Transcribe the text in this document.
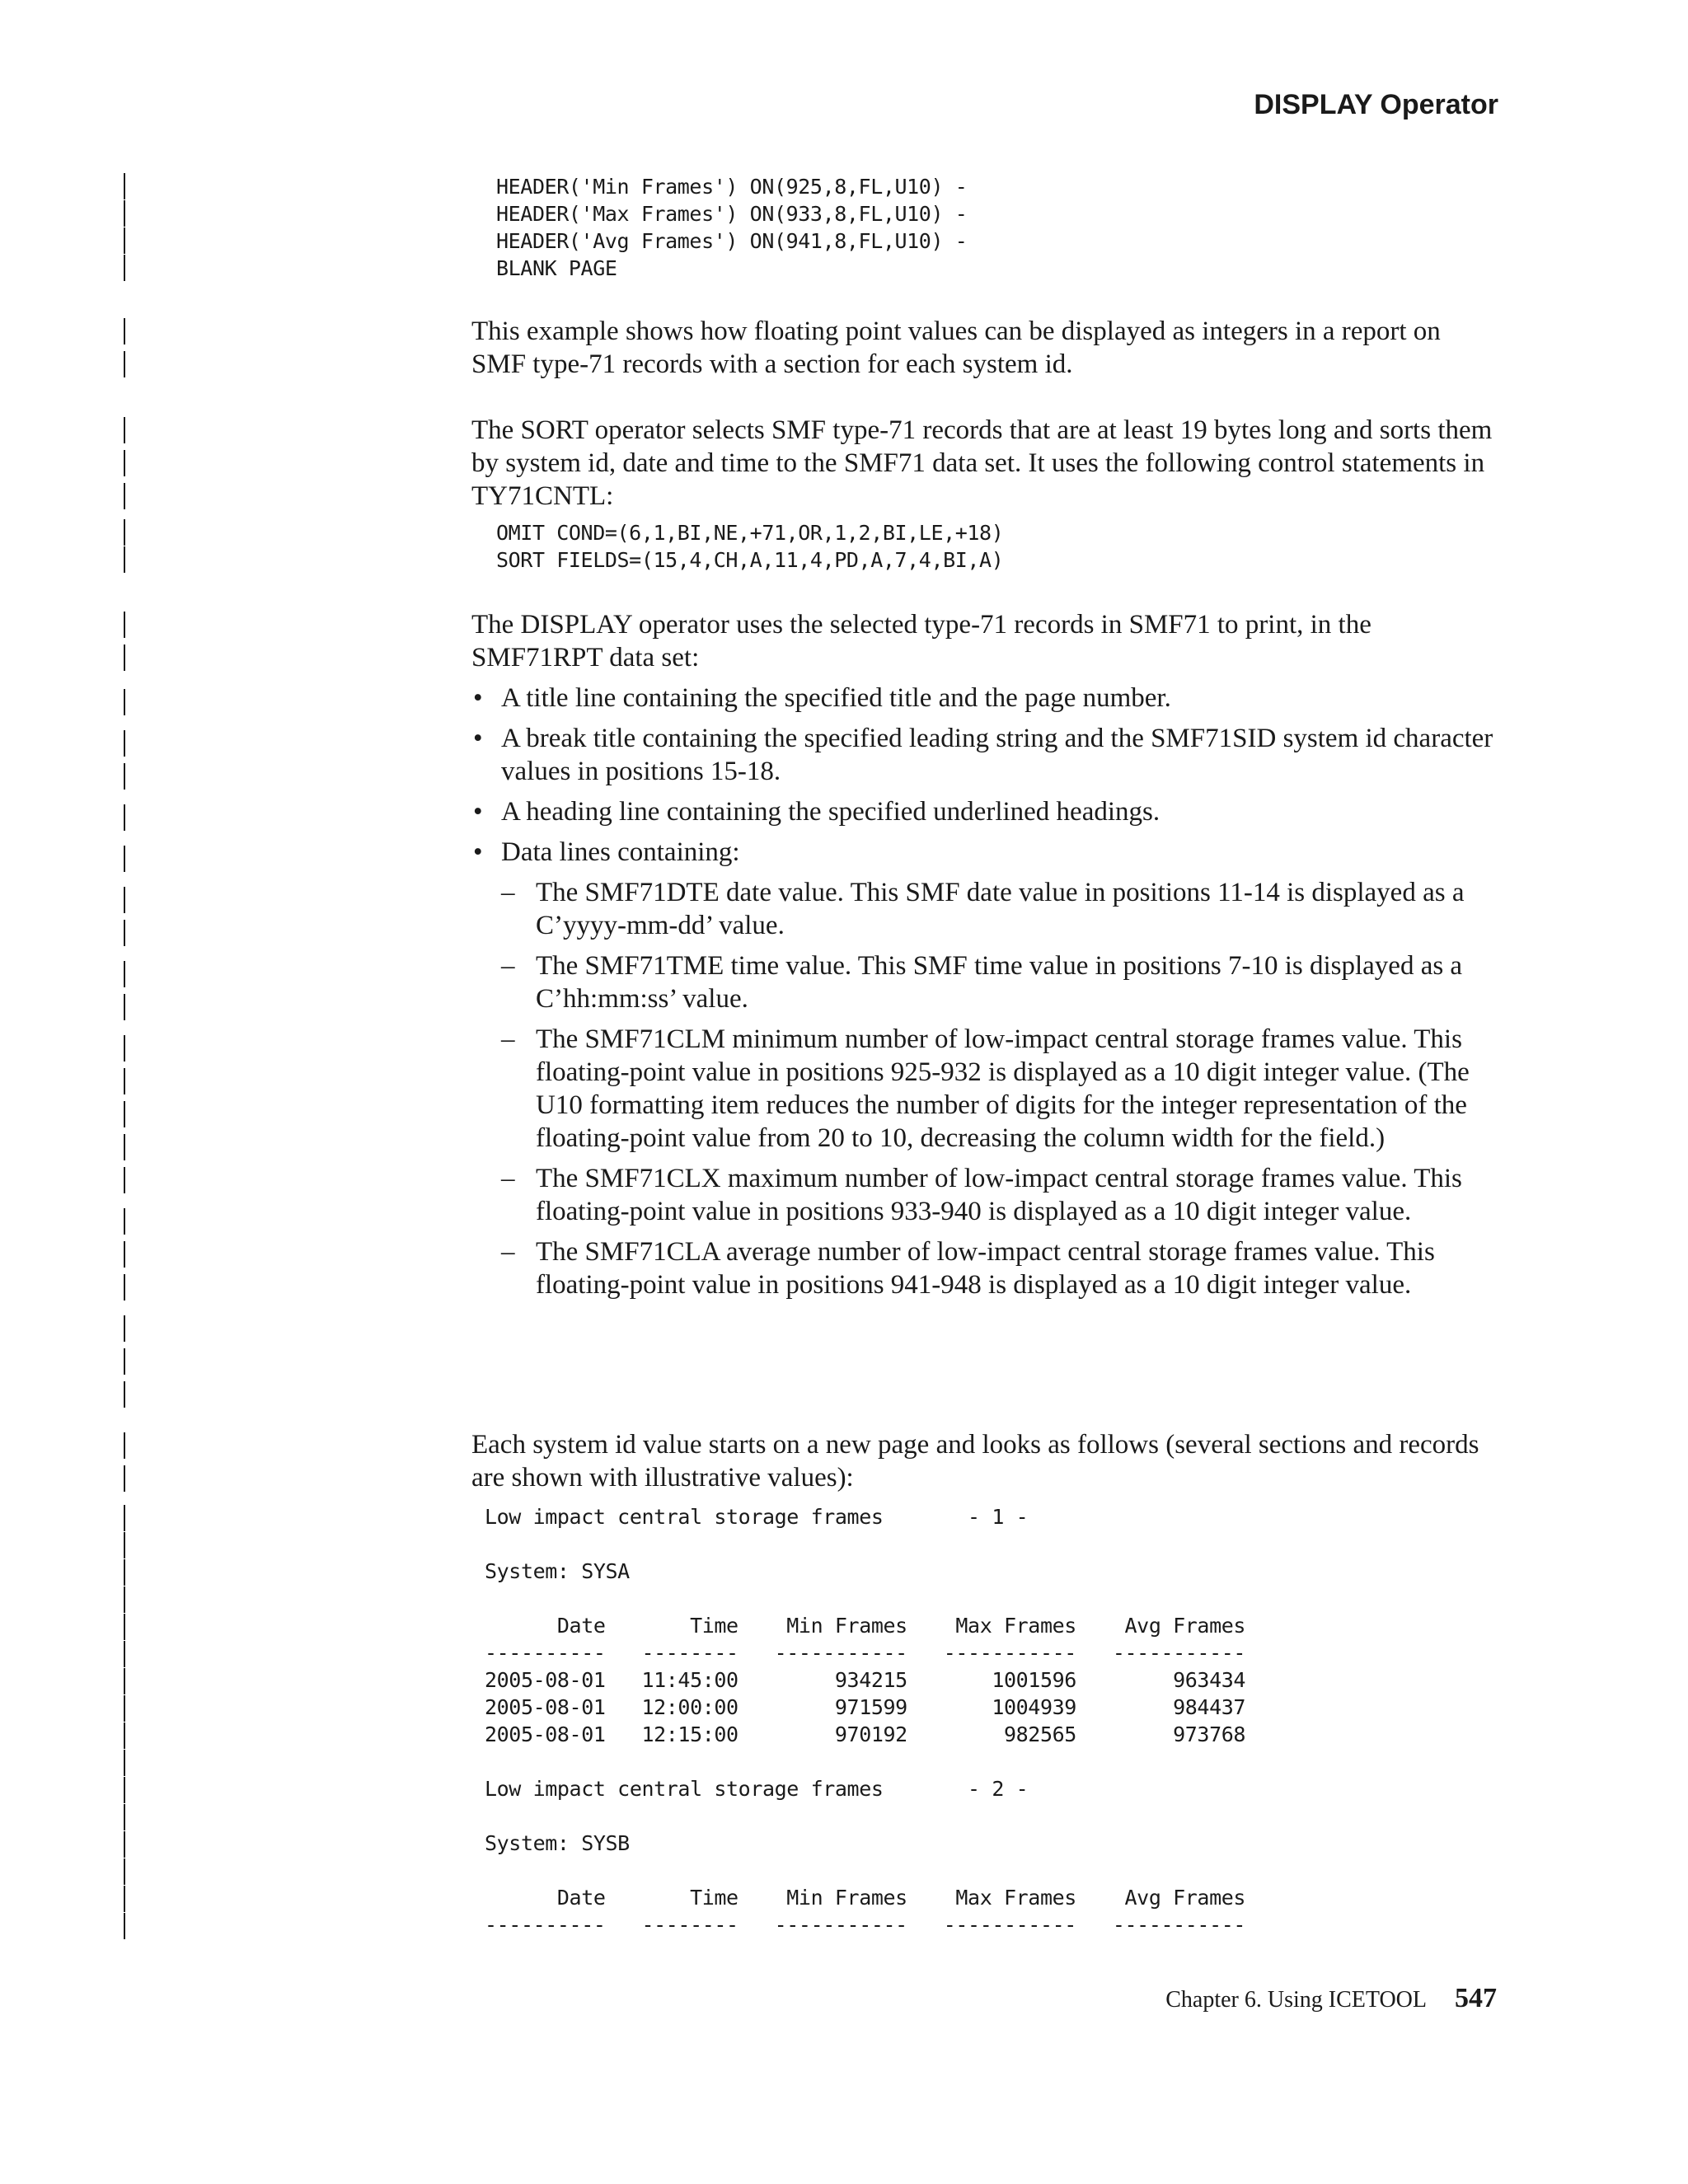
DISPLAY Operator
HEADER('Min Frames') ON(925,8,FL,U10) -
HEADER('Max Frames') ON(933,8,FL,U10) -
HEADER('Avg Frames') ON(941,8,FL,U10) -
BLANK PAGE

This example shows how floating point values can be displayed as integers in a report on SMF type-71 records with a section for each system id.

The SORT operator selects SMF type-71 records that are at least 19 bytes long and sorts them by system id, date and time to the SMF71 data set. It uses the following control statements in TY71CNTL:

OMIT COND=(6,1,BI,NE,+71,OR,1,2,BI,LE,+18)
SORT FIELDS=(15,4,CH,A,11,4,PD,A,7,4,BI,A)

The DISPLAY operator uses the selected type-71 records in SMF71 to print, in the SMF71RPT data set:

• A title line containing the specified title and the page number.
• A break title containing the specified leading string and the SMF71SID system id character values in positions 15-18.
• A heading line containing the specified underlined headings.
• Data lines containing:
– The SMF71DTE date value. This SMF date value in positions 11-14 is displayed as a C’yyyy-mm-dd’ value.
– The SMF71TME time value. This SMF time value in positions 7-10 is displayed as a C’hh:mm:ss’ value.
– The SMF71CLM minimum number of low-impact central storage frames value. This floating-point value in positions 925-932 is displayed as a 10 digit integer value. (The U10 formatting item reduces the number of digits for the integer representation of the floating-point value from 20 to 10, decreasing the column width for the field.)
– The SMF71CLX maximum number of low-impact central storage frames value. This floating-point value in positions 933-940 is displayed as a 10 digit integer value.
– The SMF71CLA average number of low-impact central storage frames value. This floating-point value in positions 941-948 is displayed as a 10 digit integer value.

Each system id value starts on a new page and looks as follows (several sections and records are shown with illustrative values):

Low impact central storage frames       - 1 -

System: SYSA

Date       Time    Min Frames    Max Frames    Avg Frames
----------   --------   -----------   -----------   -----------
2005-08-01   11:45:00        934215       1001596        963434
2005-08-01   12:00:00        971599       1004939        984437
2005-08-01   12:15:00        970192        982565        973768

Low impact central storage frames       - 2 -

System: SYSB

Date       Time    Min Frames    Max Frames    Avg Frames
----------   --------   -----------   -----------   -----------
Chapter 6. Using ICETOOL 547
